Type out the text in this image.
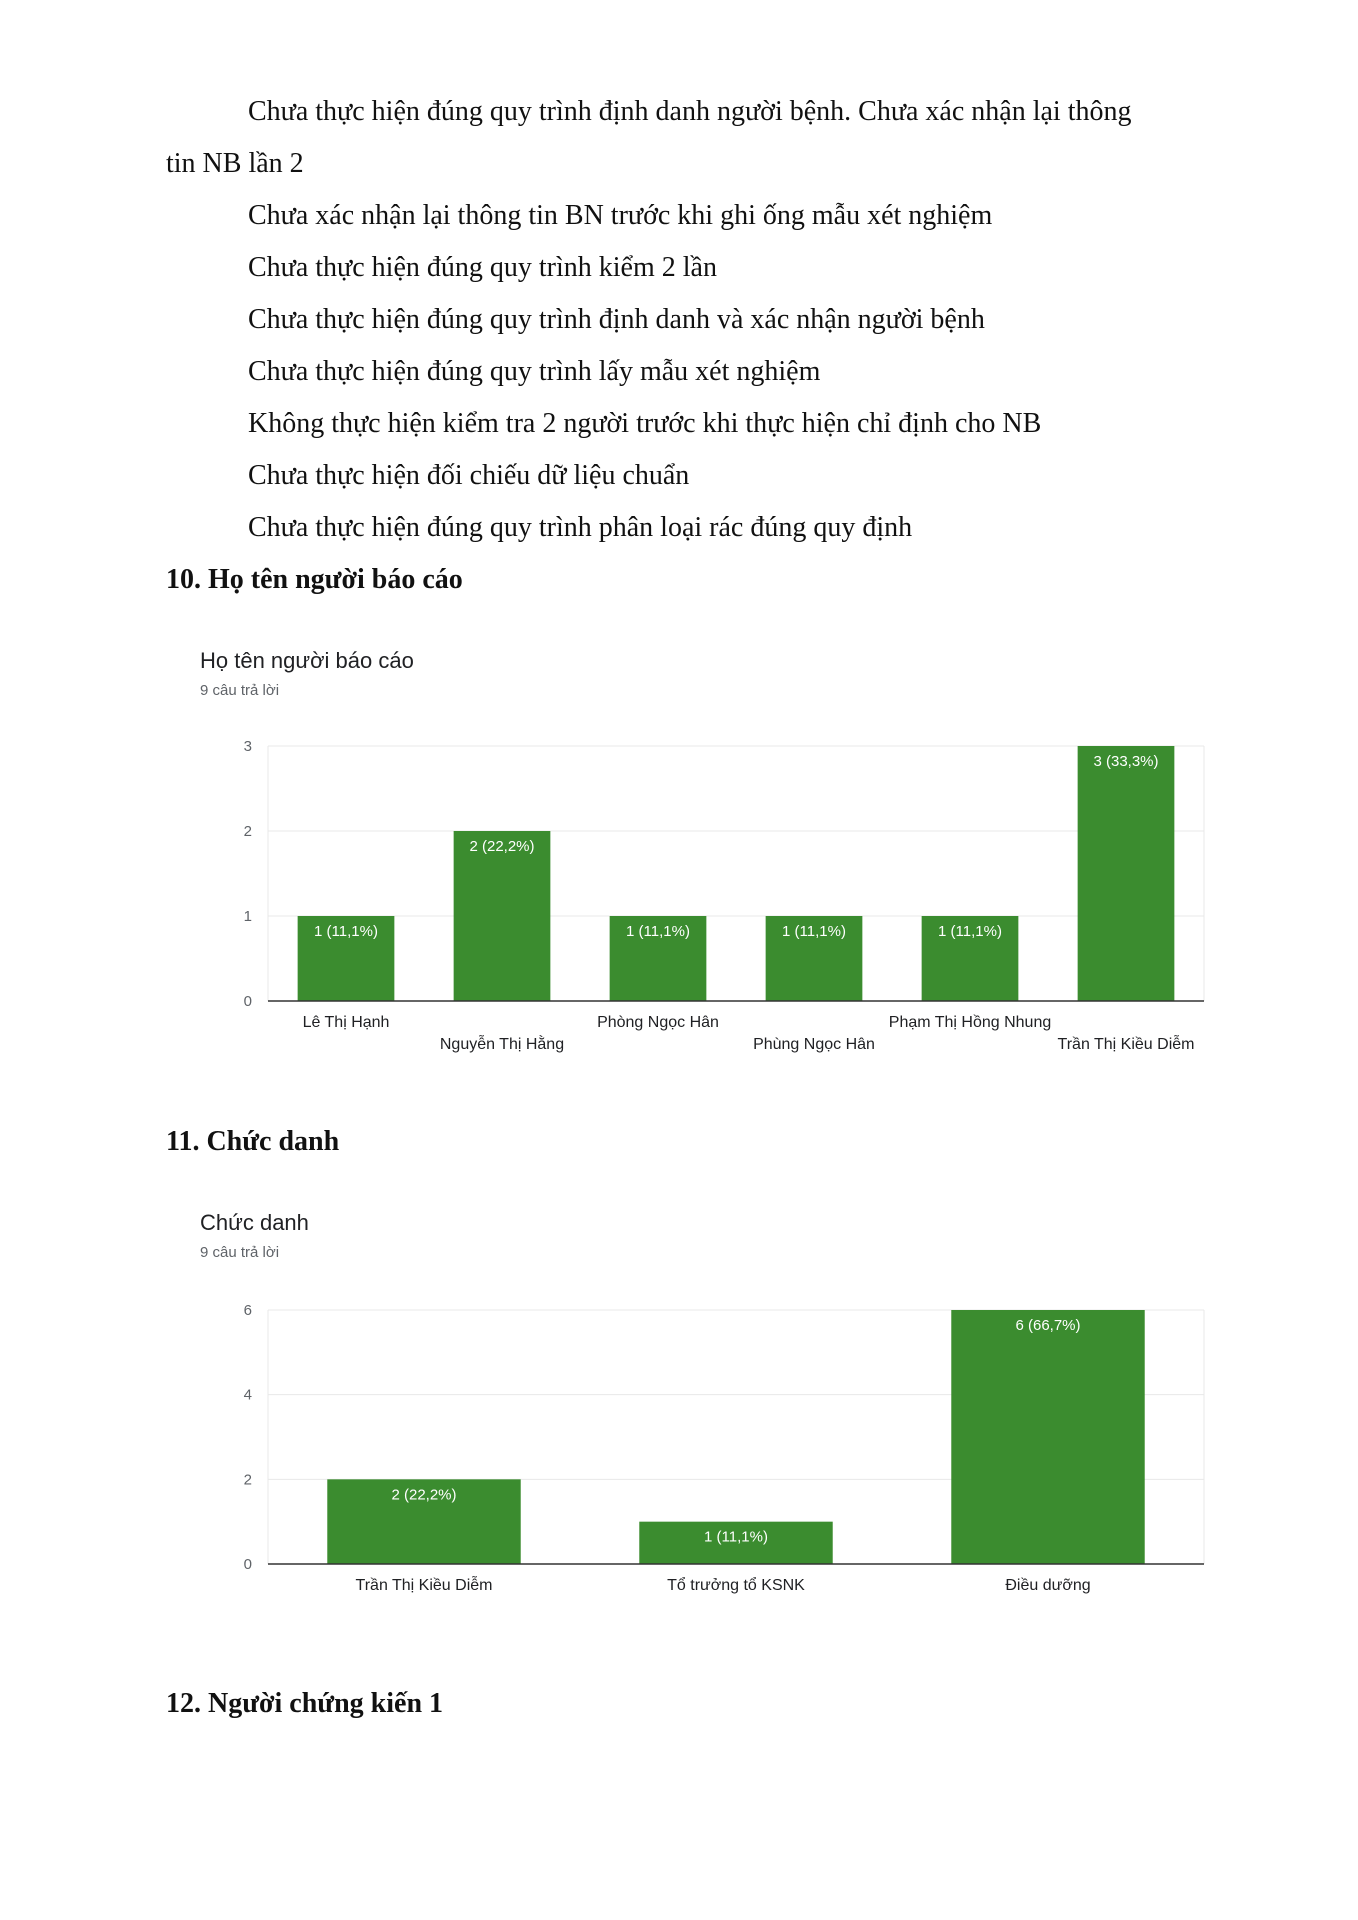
Chưa thực hiện đúng quy trình định danh người bệnh. Chưa xác nhận lại thông

tin NB lần 2

Chưa xác nhận lại thông tin BN trước khi ghi ống mẫu xét nghiệm

Chưa thực hiện đúng quy trình kiểm 2 lần

Chưa thực hiện đúng quy trình định danh và xác nhận người bệnh

Chưa thực hiện đúng quy trình lấy mẫu xét nghiệm

Không thực hiện kiểm tra 2 người trước khi thực hiện chỉ định cho NB

Chưa thực hiện đối chiếu dữ liệu chuẩn

Chưa thực hiện đúng quy trình phân loại rác đúng quy định

10. Họ tên người báo cáo

Họ tên người báo cáo

9 câu trả lời

0
1
2
3
1 (11,1%)
Lê Thị Hạnh
2 (22,2%)
Nguyễn Thị Hằng
1 (11,1%)
Phòng Ngọc Hân
1 (11,1%)
Phùng Ngọc Hân
1 (11,1%)
Phạm Thị Hồng Nhung
3 (33,3%)
Trần Thị Kiều Diễm

11. Chức danh

Chức danh

9 câu trả lời

0
2
4
6
2 (22,2%)
Trần Thị Kiều Diễm
1 (11,1%)
Tổ trưởng tổ KSNK
6 (66,7%)
Điều dưỡng

12. Người chứng kiến 1
